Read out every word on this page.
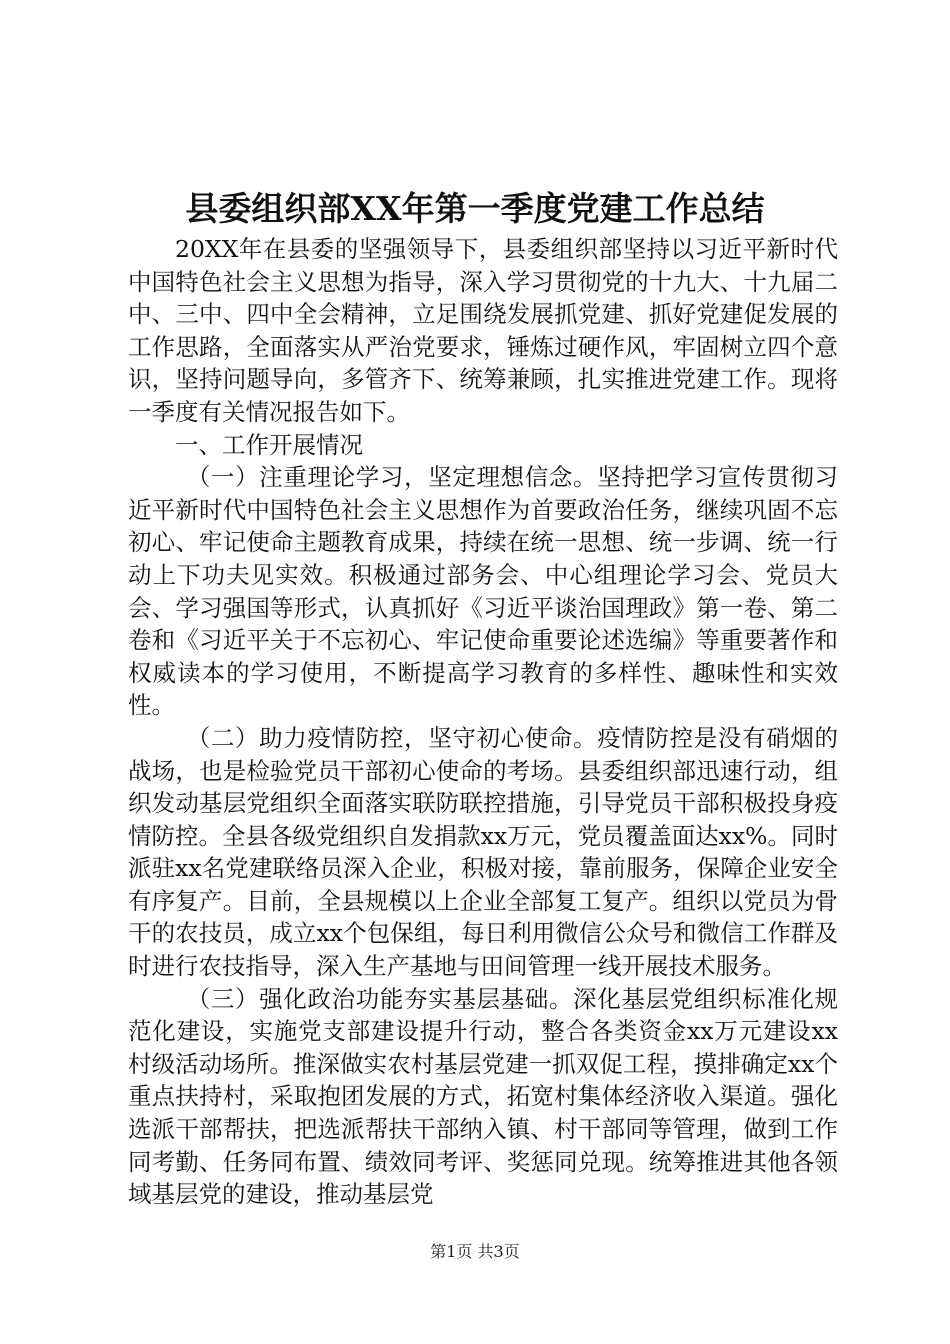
县委组织部XX年第一季度党建工作总结

20XX年在县委的坚强领导下，县委组织部坚持以习近平新时代中国特色社会主义思想为指导，深入学习贯彻党的十九大、十九届二中、三中、四中全会精神，立足围绕发展抓党建、抓好党建促发展的工作思路，全面落实从严治党要求，锤炼过硬作风，牢固树立四个意识，坚持问题导向，多管齐下、统筹兼顾，扎实推进党建工作。现将一季度有关情况报告如下。

一、工作开展情况

（一）注重理论学习，坚定理想信念。坚持把学习宣传贯彻习近平新时代中国特色社会主义思想作为首要政治任务，继续巩固不忘初心、牢记使命主题教育成果，持续在统一思想、统一步调、统一行动上下功夫见实效。积极通过部务会、中心组理论学习会、党员大会、学习强国等形式，认真抓好《习近平谈治国理政》第一卷、第二卷和《习近平关于不忘初心、牢记使命重要论述选编》等重要著作和权威读本的学习使用，不断提高学习教育的多样性、趣味性和实效性。

（二）助力疫情防控，坚守初心使命。疫情防控是没有硝烟的战场，也是检验党员干部初心使命的考场。县委组织部迅速行动，组织发动基层党组织全面落实联防联控措施，引导党员干部积极投身疫情防控。全县各级党组织自发捐款xx万元，党员覆盖面达xx%。同时派驻xx名党建联络员深入企业，积极对接，靠前服务，保障企业安全有序复产。目前，全县规模以上企业全部复工复产。组织以党员为骨干的农技员，成立xx个包保组，每日利用微信公众号和微信工作群及时进行农技指导，深入生产基地与田间管理一线开展技术服务。

（三）强化政治功能夯实基层基础。深化基层党组织标准化规范化建设，实施党支部建设提升行动，整合各类资金xx万元建设xx村级活动场所。推深做实农村基层党建一抓双促工程，摸排确定xx个重点扶持村，采取抱团发展的方式，拓宽村集体经济收入渠道。强化选派干部帮扶，把选派帮扶干部纳入镇、村干部同等管理，做到工作同考勤、任务同布置、绩效同考评、奖惩同兑现。统筹推进其他各领域基层党的建设，推动基层党

第1页 共3页
